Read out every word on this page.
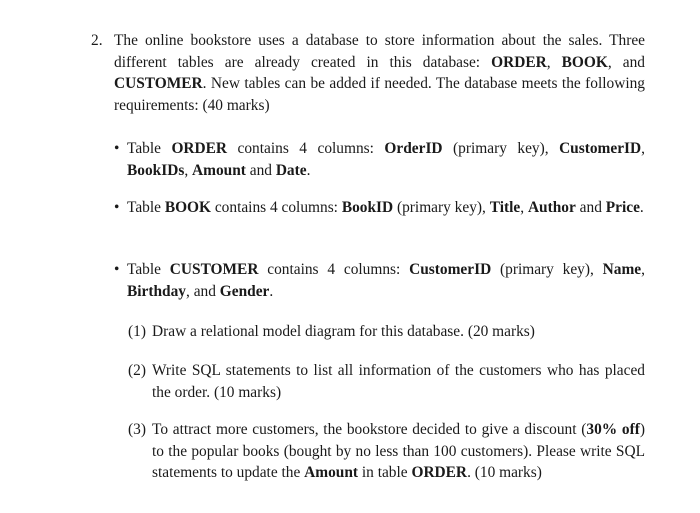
2. The online bookstore uses a database to store information about the sales. Three different tables are already created in this database: ORDER, BOOK, and CUSTOMER. New tables can be added if needed. The database meets the following requirements: (40 marks)
• Table ORDER contains 4 columns: OrderID (primary key), CustomerID, BookIDs, Amount and Date.
• Table BOOK contains 4 columns: BookID (primary key), Title, Author and Price.
• Table CUSTOMER contains 4 columns: CustomerID (primary key), Name, Birthday, and Gender.
(1) Draw a relational model diagram for this database. (20 marks)
(2) Write SQL statements to list all information of the customers who has placed the order. (10 marks)
(3) To attract more customers, the bookstore decided to give a discount (30% off) to the popular books (bought by no less than 100 customers). Please write SQL statements to update the Amount in table ORDER. (10 marks)
